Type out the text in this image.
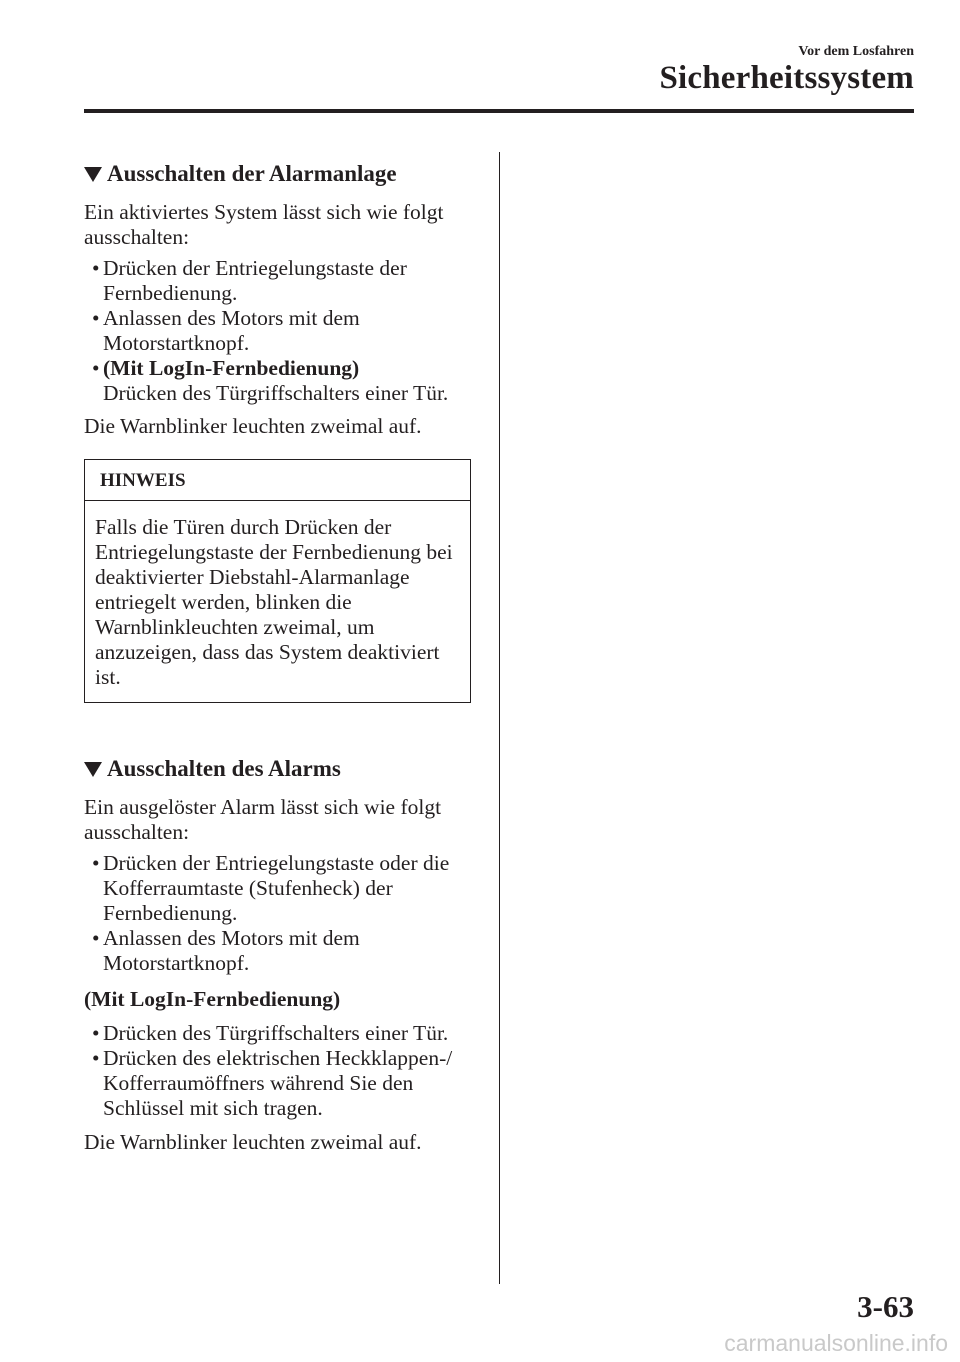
Vor dem Losfahren
Sicherheitssystem
Ausschalten der Alarmanlage

Ein aktiviertes System lässt sich wie folgt ausschalten:

• Drücken der Entriegelungstaste der Fernbedienung.
• Anlassen des Motors mit dem Motorstartknopf.
• (Mit LogIn-Fernbedienung)
Drücken des Türgriffschalters einer Tür.

Die Warnblinker leuchten zweimal auf.

HINWEIS
Falls die Türen durch Drücken der Entriegelungstaste der Fernbedienung bei deaktivierter Diebstahl-Alarmanlage entriegelt werden, blinken die Warnblinkleuchten zweimal, um anzuzeigen, dass das System deaktiviert ist.
Ausschalten des Alarms

Ein ausgelöster Alarm lässt sich wie folgt ausschalten:

• Drücken der Entriegelungstaste oder die Kofferraumtaste (Stufenheck) der Fernbedienung.
• Anlassen des Motors mit dem Motorstartknopf.

(Mit LogIn-Fernbedienung)

• Drücken des Türgriffschalters einer Tür.
• Drücken des elektrischen Heckklappen-/ Kofferraumöffners während Sie den Schlüssel mit sich tragen.

Die Warnblinker leuchten zweimal auf.

3-63
carmanualsonline.info
